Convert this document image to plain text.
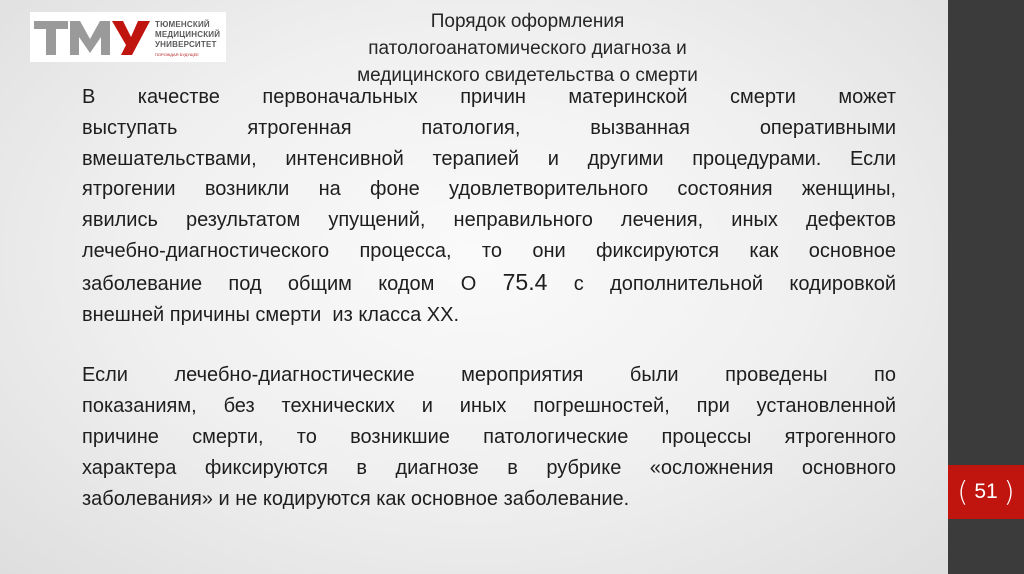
ТЮМЕНСКИЙ
МЕДИЦИНСКИЙ
УНИВЕРСИТЕТ
ПОРОЖДАЯ БУДУЩЕЕ
Порядок оформления
патологоанатомического диагноза и
медицинского свидетельства о смерти
В качестве первоначальных причин материнской смерти может
выступать ятрогенная патология, вызванная оперативными
вмешательствами, интенсивной терапией и другими процедурами. Если
ятрогении возникли на фоне удовлетворительного состояния женщины,
явились результатом упущений, неправильного лечения, иных дефектов
лечебно-диагностического процесса, то они фиксируются как основное
заболевание под общим кодом О 75.4 с дополнительной кодировкой
внешней причины смерти  из класса ХХ.
Если лечебно-диагностические мероприятия были проведены по
показаниям, без технических и иных погрешностей, при установленной
причине смерти, то возникшие патологические процессы ятрогенного
характера фиксируются в диагнозе в рубрике «осложнения основного
заболевания» и не кодируются как основное заболевание.	( 51 )
